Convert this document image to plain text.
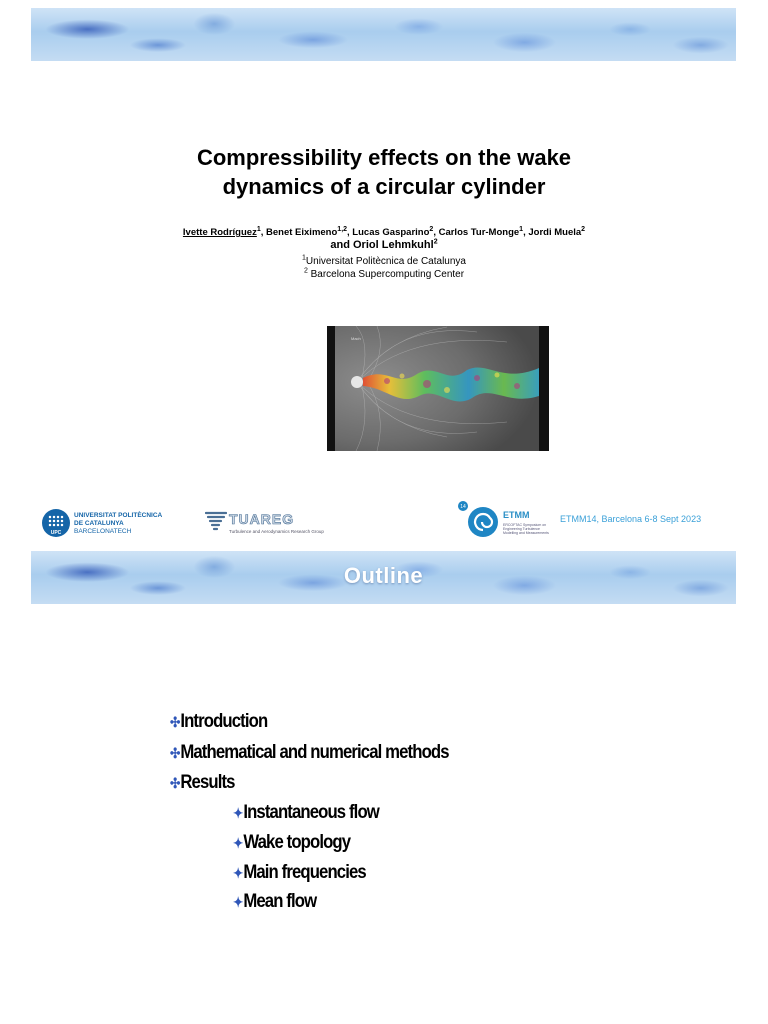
Compressibility effects on the wake
dynamics of a circular cylinder
Ivette Rodríguez$^1$, Benet Eiximeno$^{1,2}$, Lucas Gasparino$^2$, Carlos Tur-Monge$^1$, Jordi Muela$^2$
and Oriol Lehmkuhl$^2$
$^1$Universitat Politècnica de Catalunya
$^2$ Barcelona Supercomputing Center
Mach
UPC
UNIVERSITAT POLITÈCNICA
DE CATALUNYA
BARCELONATECH
TUAREG
Turbulence and Aerodynamics Research Group
14
ETMM
ERCOFTAC Symposium on Engineering Turbulence Modelling and Measurements
ETMM14, Barcelona 6-8 Sept 2023
Outline
✣Introduction
✣Mathematical and numerical methods
✣Results
✦Instantaneous flow
✦Wake topology
✦Main frequencies
✦Mean flow
